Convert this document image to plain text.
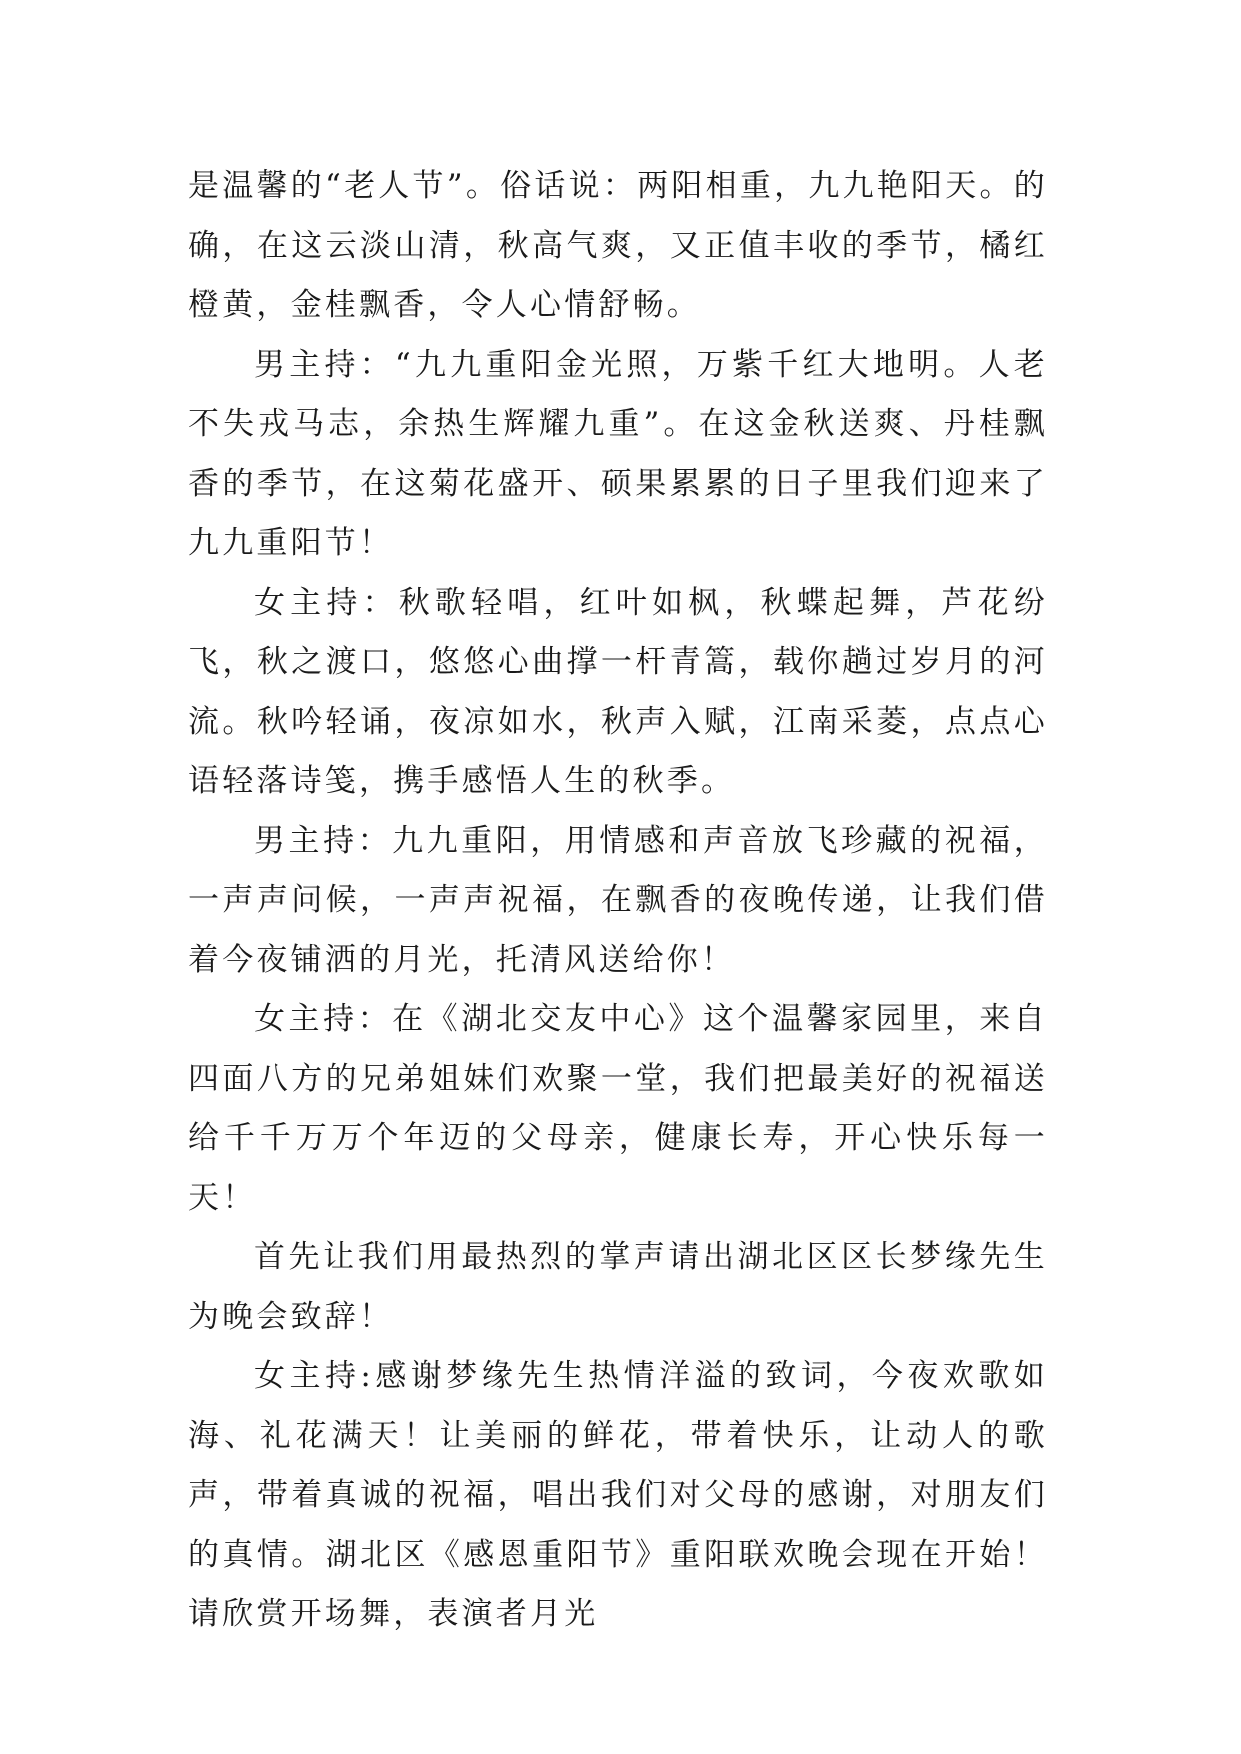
是温馨的“老人节”。俗话说：两阳相重，九九艳阳天。的确，在这云淡山清，秋高气爽，又正值丰收的季节，橘红橙黄，金桂飘香，令人心情舒畅。

男主持：“九九重阳金光照，万紫千红大地明。人老不失戎马志，余热生辉耀九重”。在这金秋送爽、丹桂飘香的季节，在这菊花盛开、硕果累累的日子里我们迎来了九九重阳节！

女主持：秋歌轻唱，红叶如枫，秋蝶起舞，芦花纷飞，秋之渡口，悠悠心曲撑一杆青篙，载你趟过岁月的河流。秋吟轻诵，夜凉如水，秋声入赋，江南采菱，点点心语轻落诗笺，携手感悟人生的秋季。

男主持：九九重阳，用情感和声音放飞珍藏的祝福，一声声问候，一声声祝福，在飘香的夜晚传递，让我们借着今夜铺洒的月光，托清风送给你！

女主持：在《湖北交友中心》这个温馨家园里，来自四面八方的兄弟姐妹们欢聚一堂，我们把最美好的祝福送给千千万万个年迈的父母亲，健康长寿，开心快乐每一天！

首先让我们用最热烈的掌声请出湖北区区长梦缘先生为晚会致辞！

女主持:感谢梦缘先生热情洋溢的致词，今夜欢歌如海、礼花满天！让美丽的鲜花，带着快乐，让动人的歌声，带着真诚的祝福，唱出我们对父母的感谢，对朋友们的真情。湖北区《感恩重阳节》重阳联欢晚会现在开始！请欣赏开场舞，表演者月光
